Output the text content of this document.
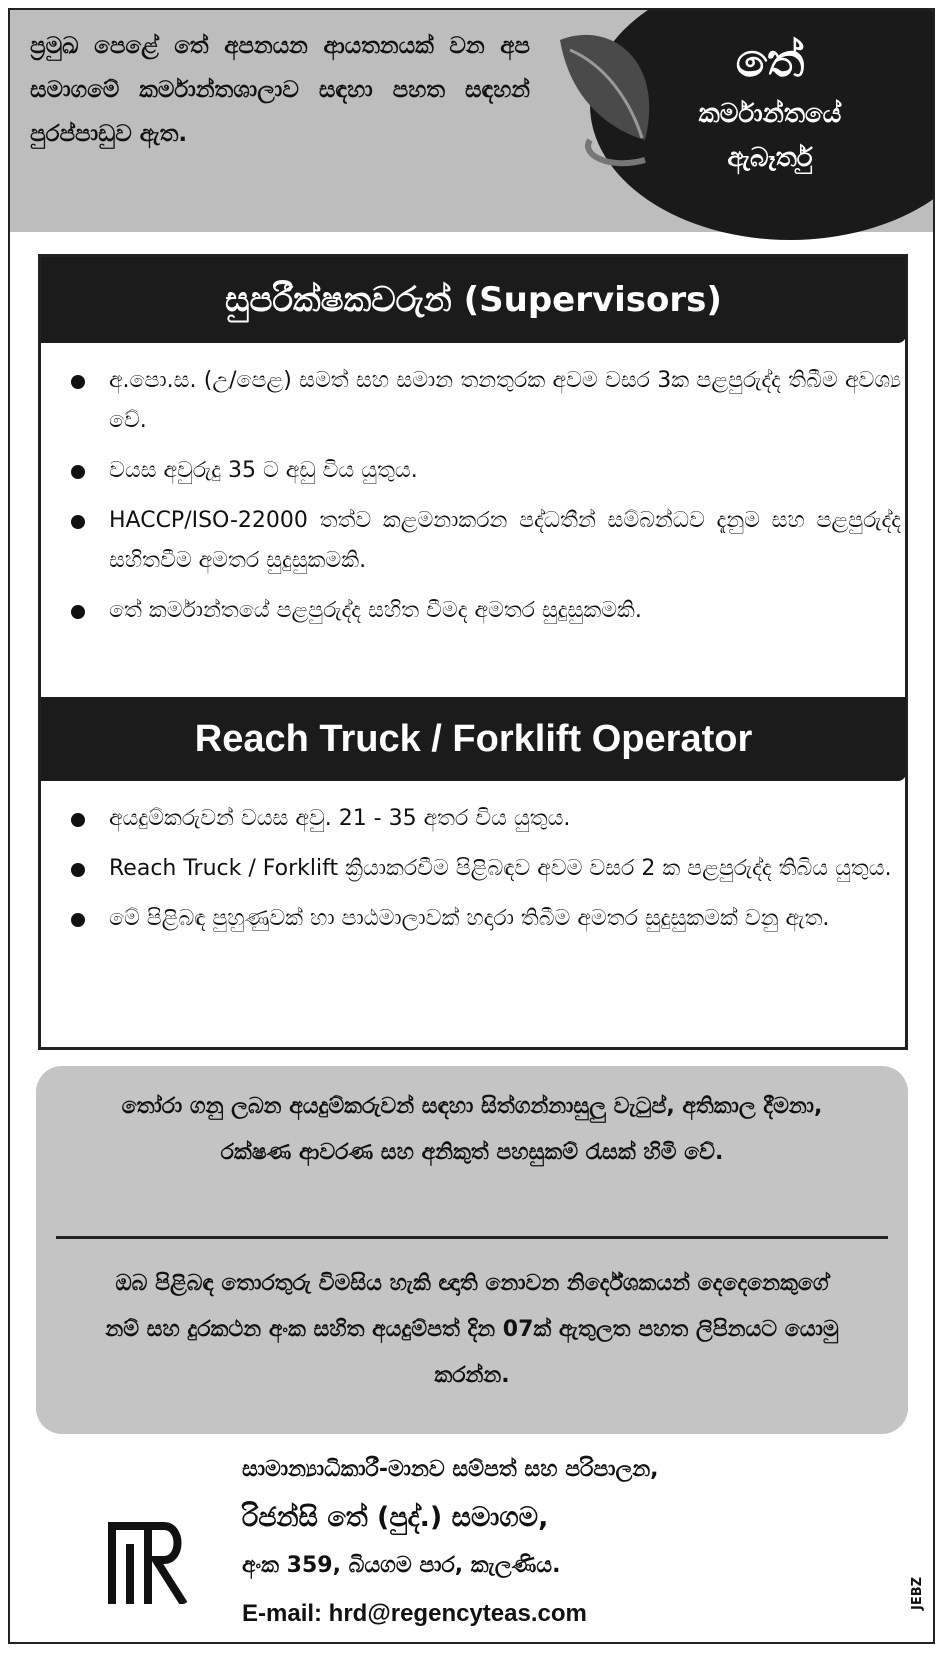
ප්‍රමුඛ පෙළේ තේ අපනයන ආයතනයක් වන අප සමාගමේ කර්මාන්තශාලාව සඳහා පහත සඳහන් පුරප්පාඩුව ඇත.
තේ
කර්මාන්තයේ
ඇබෑර්තු
සුපරීක්ෂකවරුන් (Supervisors)
අ.පො.ස. (උ/පෙළ) සමත් සහ සමාන තනතුරක අවම වසර 3ක පළපුරුද්ද තිබීම අවශ්‍ය වේ.
වයස අවුරුදු 35 ට අඩු විය යුතුය.
HACCP/ISO-22000 තත්ව කළමනාකරන පද්ධතීන් සම්බන්ධව දැනුම සහ පළපුරුද්ද සහිතවීම අමතර සුදුසුකමකි.
තේ කර්මාන්තයේ පළපුරුද්ද සහිත වීමද අමතර සුදුසුකමකි.
Reach Truck / Forklift Operator
අයදුම්කරුවන් වයස අවු. 21 - 35 අතර විය යුතුය.
Reach Truck / Forklift ක්‍රියාකරවීම පිළිබඳව අවම වසර 2 ක පළපුරුද්ද තිබිය යුතුය.
මේ පිළිබඳ පුහුණුවක් හා පාඨමාලාවක් හදාරා තිබීම අමතර සුදුසුකමක් වනු ඇත.
තෝරා ගනු ලබන අයදුම්කරුවන් සඳහා සිත්ගන්නාසුලු වැටුප්, අතිකාල දීමනා, රක්ෂණ ආවරණ සහ අනිකුත් පහසුකම් රැසක් හිමි වේ.
ඔබ පිළිබඳ තොරතුරු විමසිය හැකි ඥාති නොවන නිර්දේශකයන් දෙදෙනෙකුගේ නම් සහ දුරකථන අංක සහිත අයදුම්පත් දින 07ක් ඇතුලත පහත ලිපිනයට යොමු කරන්න.
සාමාන්‍යාධිකාරී-මානව සම්පත් සහ පරිපාලන,
රිජන්සි තේ (පුද්.) සමාගම,
අංක 359, බියගම පාර, කැලණිය.
E-mail: hrd@regencyteas.com
JEBZ
